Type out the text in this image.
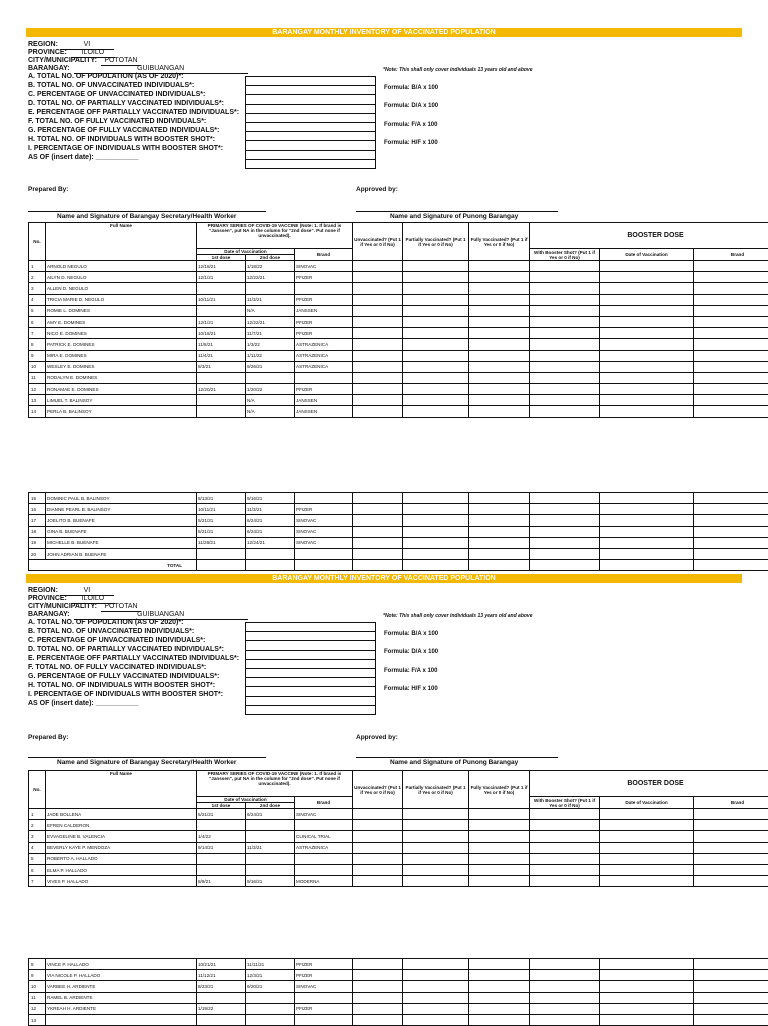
BARANGAY MONTHLY INVENTORY OF VACCINATED POPULATION
REGION:	VI
PROVINCE: ILOILO
CITY/MUNICIPALITY: POTOTAN
BARANGAY:	GUIBUANGAN
A. TOTAL NO. OF POPULATION (AS OF 2020)*:
B. TOTAL NO. OF UNVACCINATED INDIVIDUALS*:
C. PERCENTAGE OF UNVACCINATED INDIVIDUALS*:
D. TOTAL NO. OF PARTIALLY VACCINATED INDIVIDUALS*:
E. PERCENTAGE OFF PARTIALLY VACCINATED INDIVIDUALS*:
F. TOTAL NO. OF FULLY VACCINATED INDIVIDUALS*:
G. PERCENTAGE OF FULLY VACCINATED INDIVIDUALS*:
H. TOTAL NO. OF INDIVIDUALS WITH BOOSTER SHOT*:
I. PERCENTAGE OF INDIVIDUALS WITH BOOSTER SHOT*:
AS OF (insert date): ___________
*Note: This shall only cover individuals 13 years old and above
Formula: B/A x 100
Formula: D/A x 100
Formula: F/A x 100
Formula: H/F x 100
Prepared By:	Approved by:
Name and Signature of Barangay Secretary/Health Worker	Name and Signature of Punong Barangay
No.	Full Name	PRIMARY SERIES OF COVID-19 VACCINE (Note: 1. If brand is "Janssen", put NA in the column for "2nd dose". Put none if unvaccinated).			Unvaccinated? (Put 1 if Yes or 0 if No)	Partially Vaccinated? (Put 1 if Yes or 0 if No)	Fully Vaccinated? (Put 1 if Yes or 0 if No)	BOOSTER DOSE		
		Date of Vaccination		Brand				With Booster Shot? (Put 1 if Yes or 0 if No)	Date of Vaccination	Brand
		1st dose	2nd dose							
1	ARNOLD NEGULO	12/18/21	1/18/22	SINOVAC						
2	AILYN D. NEGULO	12/1/21	12/22/21	PFIZER						
3	ALLEN D. NEGULO									
4	TRICIA MARIE D. NEGULO	10/11/21	11/3/21	PFIZER						
5	ROMIE L. DOMINES		N/A	JANSSEN						
6	AMY E. DOMINES	12/1/21	12/22/21	PFIZER						
7	NICO E. DOMINES	10/18/21	11/7/21	PFIZER						
8	PATRICK E. DOMINES	11/8/21	1/3/22	ASTRAZENICA						
9	MIRA E. DOMINES	11/4/21	1/11/22	ASTRAZENICA						
10	WESLEY E. DOMINES	8/3/21	9/26/21	ASTRAZENICA						
11	RODALYN E. DOMINES									
12	RONAMAE E. DOMINES	12/20/21	1/20/22	PFIZER						
13	LIMUEL T. BALINSOY		N/A	JANSSEN						
14	PERLA B. BALINSOY		N/A	JANSSEN						
15	DOMINIC PAUL B. BALINSOY	8/13/21	9/16/21							
16	DIANNE PEARL B. BALINSOY	10/11/21	11/3/21	PFIZER						
17	JOELITO B. BUENAFE	5/21/21	6/24/21	SINOVAC						
18	GINA B. BUENAFE	5/21/21	6/24/21	SINOVAC						
19	MICHELLE B. BUENAFE	11/26/21	12/24/21	SINOVAC						
20	JOHN ADRIAN B. BUENAFE									
TOTAL										
BARANGAY MONTHLY INVENTORY OF VACCINATED POPULATION
REGION:	VI
PROVINCE: ILOILO
CITY/MUNICIPALITY: POTOTAN
BARANGAY:	GUIBUANGAN
A. TOTAL NO. OF POPULATION (AS OF 2020)*:
B. TOTAL NO. OF UNVACCINATED INDIVIDUALS*:
C. PERCENTAGE OF UNVACCINATED INDIVIDUALS*:
D. TOTAL NO. OF PARTIALLY VACCINATED INDIVIDUALS*:
E. PERCENTAGE OFF PARTIALLY VACCINATED INDIVIDUALS*:
F. TOTAL NO. OF FULLY VACCINATED INDIVIDUALS*:
G. PERCENTAGE OF FULLY VACCINATED INDIVIDUALS*:
H. TOTAL NO. OF INDIVIDUALS WITH BOOSTER SHOT*:
I. PERCENTAGE OF INDIVIDUALS WITH BOOSTER SHOT*:
AS OF (insert date): ___________
*Note: This shall only cover individuals 13 years old and above
Formula: B/A x 100
Formula: D/A x 100
Formula: F/A x 100
Formula: H/F x 100
Prepared By:	Approved by:
Name and Signature of Barangay Secretary/Health Worker	Name and Signature of Punong Barangay
No.	Full Name	PRIMARY SERIES OF COVID-19 VACCINE (Note: 1. If brand is "Janssen", put NA in the column for "2nd dose". Put none if unvaccinated).			Unvaccinated? (Put 1 if Yes or 0 if No)	Partially Vaccinated? (Put 1 if Yes or 0 if No)	Fully Vaccinated? (Put 1 if Yes or 0 if No)	BOOSTER DOSE		
		Date of Vaccination		Brand				With Booster Shot? (Put 1 if Yes or 0 if No)	Date of Vaccination	Brand
		1st dose	2nd dose							
1	JADE BOLLENA	5/21/21	6/24/21	SINOVAC						
2	EFREN CALDERON									
3	EVVAGELINE B. VALENCIA	1/4/22		CLINICAL TRIAL						
4	BEVERLY KAYE P. MENDOZA	9/14/21	11/3/21	ASTRAZENICA						
5	ROBERTO A. HALLADO									
6	ELMA P. HALLADO									
7	VIVES P. HALLADO	8/9/21	9/16/21	MODERNA						
8	VINCE P. HALLADO	10/21/21	11/11/21	PFIZER						
9	VIA NICOLE P. HALLADO	11/12/21	12/3/21	PFIZER						
10	VARBEE H. ARDIENTE	8/23/21	9/20/21	SINOVAC						
11	RAMEL B. ARDIENTE									
12	YKREAH H. ARDIENTE	1/19/22		PFIZER						
13										
